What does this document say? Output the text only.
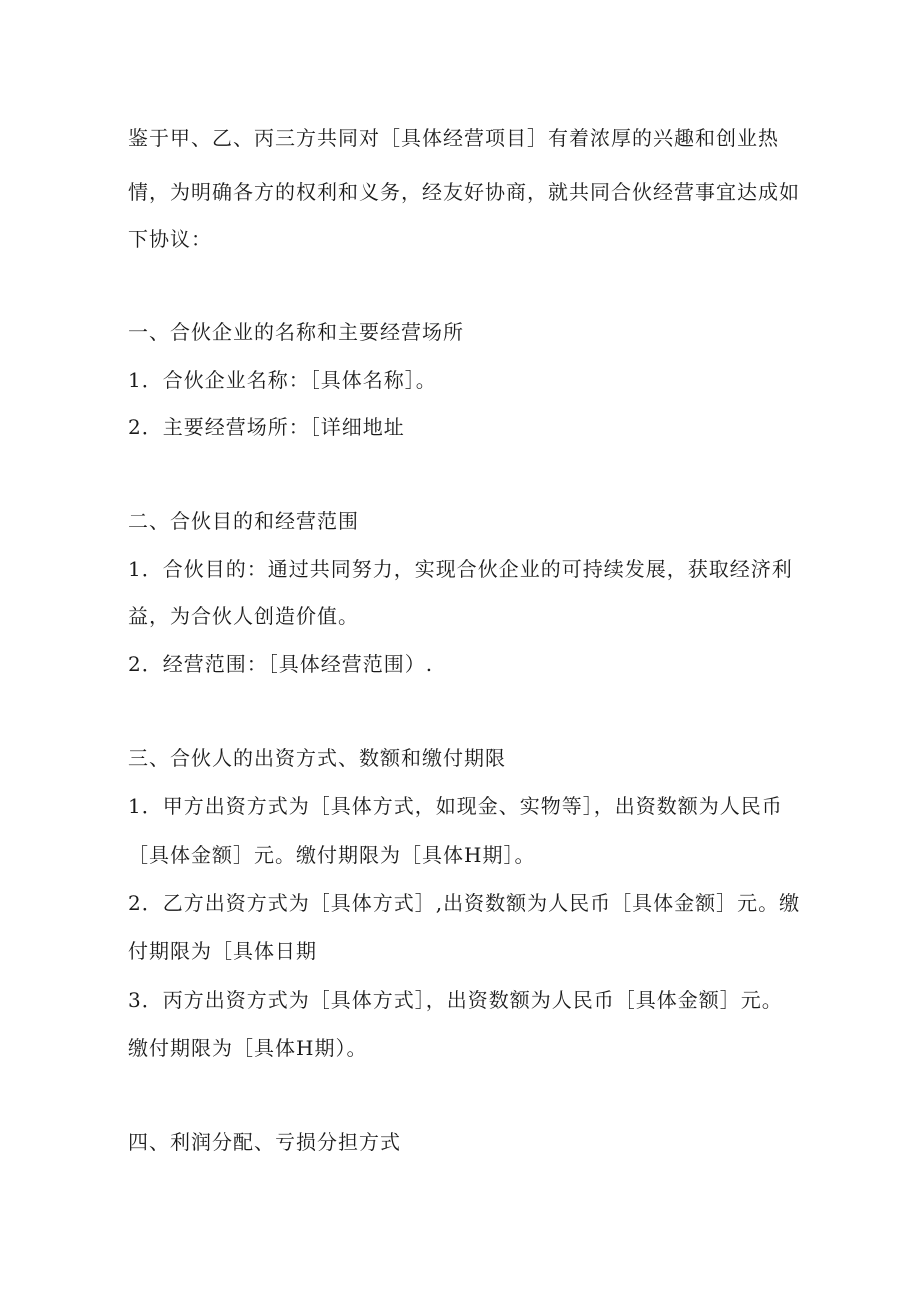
鉴于甲、乙、丙三方共同对［具体经营项目］有着浓厚的兴趣和创业热
情，为明确各方的权利和义务，经友好协商，就共同合伙经营事宜达成如
下协议：
一、合伙企业的名称和主要经营场所
1．合伙企业名称：［具体名称］。
2．主要经营场所：［详细地址
二、合伙目的和经营范围
1．合伙目的：通过共同努力，实现合伙企业的可持续发展，获取经济利
益，为合伙人创造价值。
2．经营范围：［具体经营范围）.
三、合伙人的出资方式、数额和缴付期限
1．甲方出资方式为［具体方式，如现金、实物等］，出资数额为人民币
［具体金额］元。缴付期限为［具体H期］。
2．乙方出资方式为［具体方式］,出资数额为人民币［具体金额］元。缴
付期限为［具体日期
3．丙方出资方式为［具体方式］，出资数额为人民币［具体金额］元。
缴付期限为［具体H期）。
四、利润分配、亏损分担方式
